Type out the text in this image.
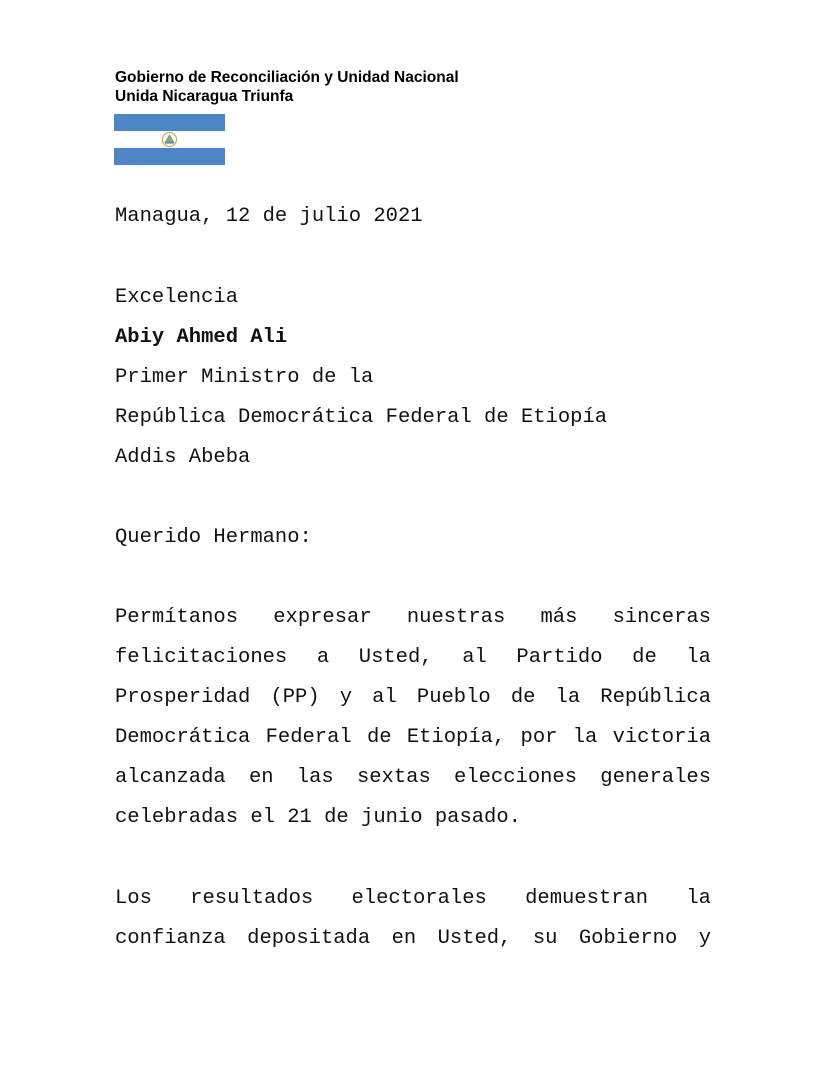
Gobierno de Reconciliación y Unidad Nacional
Unida Nicaragua Triunfa
Managua, 12 de julio 2021
Excelencia
Abiy Ahmed Ali
Primer Ministro de la
República Democrática Federal de Etiopía
Addis Abeba
Querido Hermano:
Permítanos expresar nuestras más sinceras
felicitaciones a Usted, al Partido de la
Prosperidad (PP) y al Pueblo de la República
Democrática Federal de Etiopía, por la victoria
alcanzada en las sextas elecciones generales
celebradas el 21 de junio pasado.
Los resultados electorales demuestran la
confianza depositada en Usted, su Gobierno y
